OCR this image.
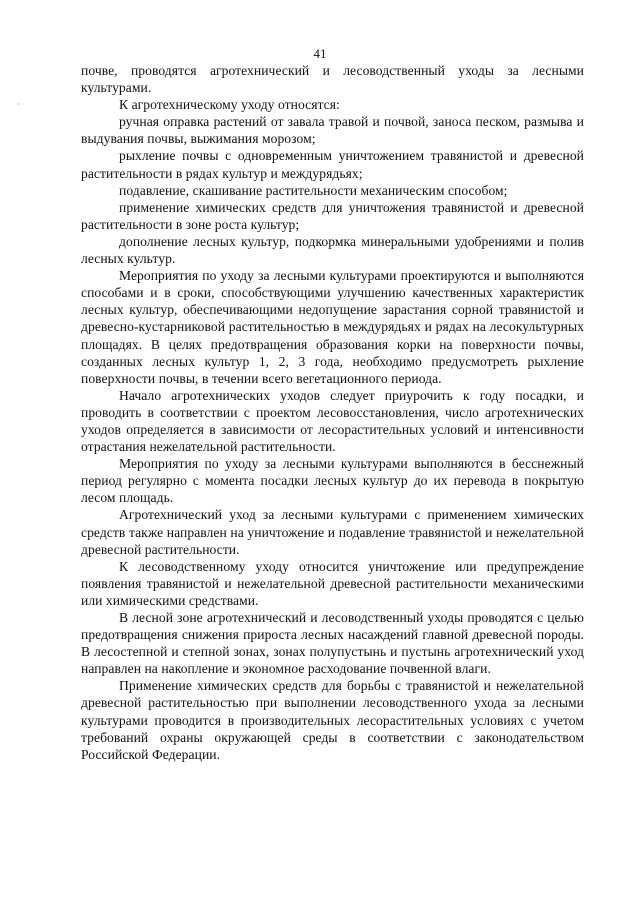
41

почве, проводятся агротехнический и лесоводственный уходы за лесными культурами.

К агротехническому уходу относятся:

ручная оправка растений от завала травой и почвой, заноса песком, размыва и выдувания почвы, выжимания морозом;

рыхление почвы с одновременным уничтожением травянистой и древесной растительности в рядах культур и междурядьях;

подавление, скашивание растительности механическим способом;

применение химических средств для уничтожения травянистой и древесной растительности в зоне роста культур;

дополнение лесных культур, подкормка минеральными удобрениями и полив лесных культур.

Мероприятия по уходу за лесными культурами проектируются и выполняются способами и в сроки, способствующими улучшению качественных характеристик лесных культур, обеспечивающими недопущение зарастания сорной травянистой и древесно-кустарниковой растительностью в междурядьях и рядах на лесокультурных площадях. В целях предотвращения образования корки на поверхности почвы, созданных лесных культур 1, 2, 3 года, необходимо предусмотреть рыхление поверхности почвы, в течении всего вегетационного периода.

Начало агротехнических уходов следует приурочить к году посадки, и проводить в соответствии с проектом лесовосстановления, число агротехнических уходов определяется в зависимости от лесорастительных условий и интенсивности отрастания нежелательной растительности.

Мероприятия по уходу за лесными культурами выполняются в бесснежный период регулярно с момента посадки лесных культур до их перевода в покрытую лесом площадь.

Агротехнический уход за лесными культурами с применением химических средств также направлен на уничтожение и подавление травянистой и нежелательной древесной растительности.

К лесоводственному уходу относится уничтожение или предупреждение появления травянистой и нежелательной древесной растительности механическими или химическими средствами.

В лесной зоне агротехнический и лесоводственный уходы проводятся с целью предотвращения снижения прироста лесных насаждений главной древесной породы. В лесостепной и степной зонах, зонах полупустынь и пустынь агротехнический уход направлен на накопление и экономное расходование почвенной влаги.

Применение химических средств для борьбы с травянистой и нежелательной древесной растительностью при выполнении лесоводственного ухода за лесными культурами проводится в производительных лесорастительных условиях с учетом требований охраны окружающей среды в соответствии с законодательством Российской Федерации.
